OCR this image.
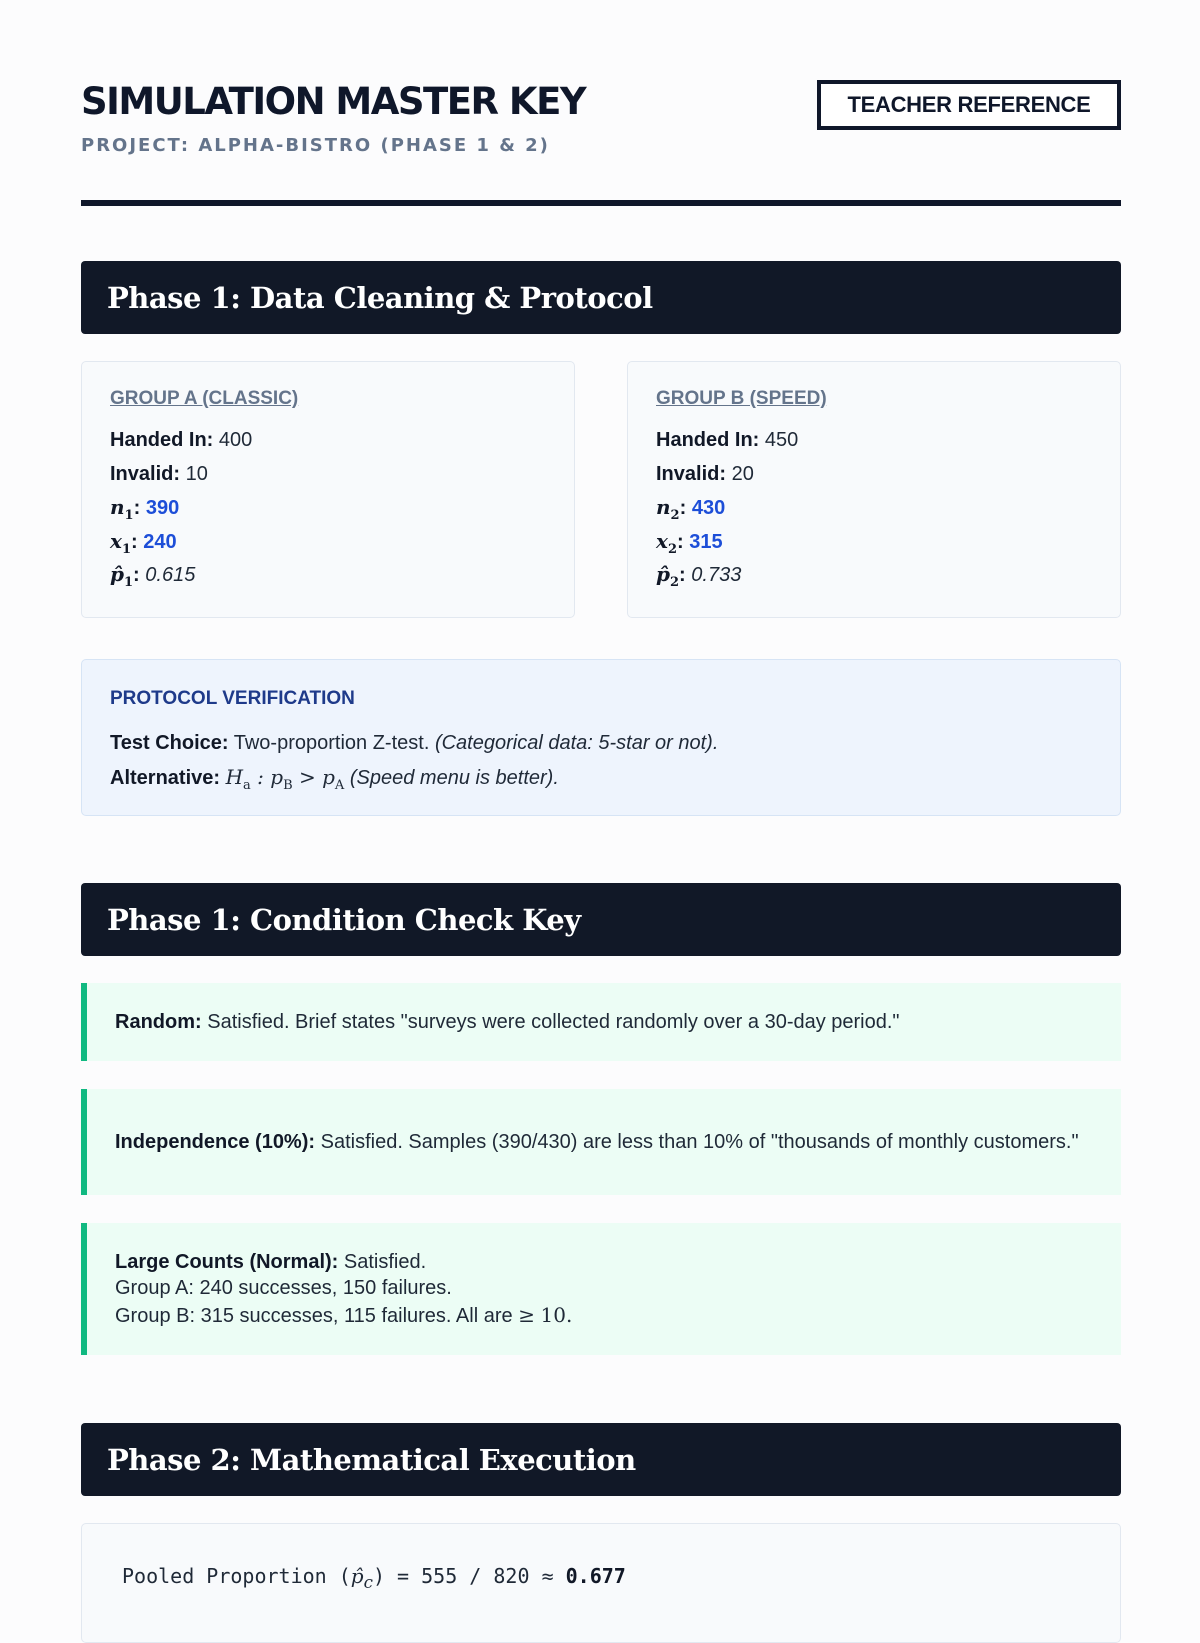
SIMULATION MASTER KEY
PROJECT: ALPHA-BISTRO (PHASE 1 & 2)
TEACHER REFERENCE
Phase 1: Data Cleaning & Protocol
GROUP A (CLASSIC)
Handed In: 400
Invalid: 10
$n_1$: 390
$x_1$: 240
$p̂_1$: 0.615
GROUP B (SPEED)
Handed In: 450
Invalid: 20
$n_2$: 430
$x_2$: 315
$p̂_2$: 0.733
PROTOCOL VERIFICATION
Test Choice: Two-proportion Z-test. (Categorical data: 5-star or not).
Alternative: $H_a$ : $p_B > p_A$ (Speed menu is better).
Phase 1: Condition Check Key
Random: Satisfied. Brief states "surveys were collected randomly over a 30-day period."
Independence (10%): Satisfied. Samples (390/430) are less than 10% of "thousands of monthly customers."
Large Counts (Normal): Satisfied.
Group A: 240 successes, 150 failures.
Group B: 315 successes, 115 failures. All are ≥ 10.
Phase 2: Mathematical Execution
Pooled Proportion $(p̂_c) = 555 / 820 \approx 0.677$
